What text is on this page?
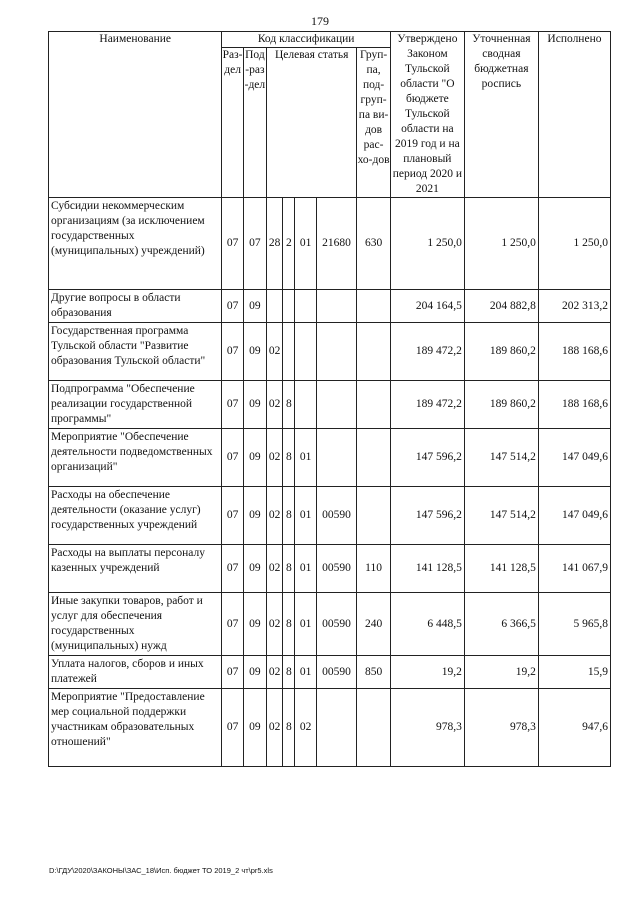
179
Наименование	Код классификации							Утверждено Законом Тульской области "О бюджете Тульской области на 2019 год и на плановый период 2020 и 2021	Уточненная сводная бюджетная роспись	Исполнено
	Раз-дел	Под-раз-дел	Целевая статья				Груп-па, под-груп-па ви-дов рас-хо-дов			
Субсидии некоммерческим организациям (за исключением государственных (муниципальных) учреждений)	07	07	28	2	01	21680	630	1 250,0	1 250,0	1 250,0
Другие вопросы в области образования	07	09						204 164,5	204 882,8	202 313,2
Государственная программа Тульской области "Развитие образования Тульской области"	07	09	02					189 472,2	189 860,2	188 168,6
Подпрограмма "Обеспечение реализации государственной программы"	07	09	02	8				189 472,2	189 860,2	188 168,6
Мероприятие "Обеспечение деятельности подведомственных организаций"	07	09	02	8	01			147 596,2	147 514,2	147 049,6
Расходы на обеспечение деятельности (оказание услуг) государственных учреждений	07	09	02	8	01	00590		147 596,2	147 514,2	147 049,6
Расходы на выплаты персоналу казенных учреждений	07	09	02	8	01	00590	110	141 128,5	141 128,5	141 067,9
Иные закупки товаров, работ и услуг для обеспечения государственных (муниципальных) нужд	07	09	02	8	01	00590	240	6 448,5	6 366,5	5 965,8
Уплата налогов, сборов и иных платежей	07	09	02	8	01	00590	850	19,2	19,2	15,9
Мероприятие "Предоставление мер социальной поддержки участникам образовательных отношений"	07	09	02	8	02			978,3	978,3	947,6
D:\ГДУ\2020\ЗАКОНЫ\ЗАС_18\Исп. бюджет ТО 2019_2 чт\pr5.xls
